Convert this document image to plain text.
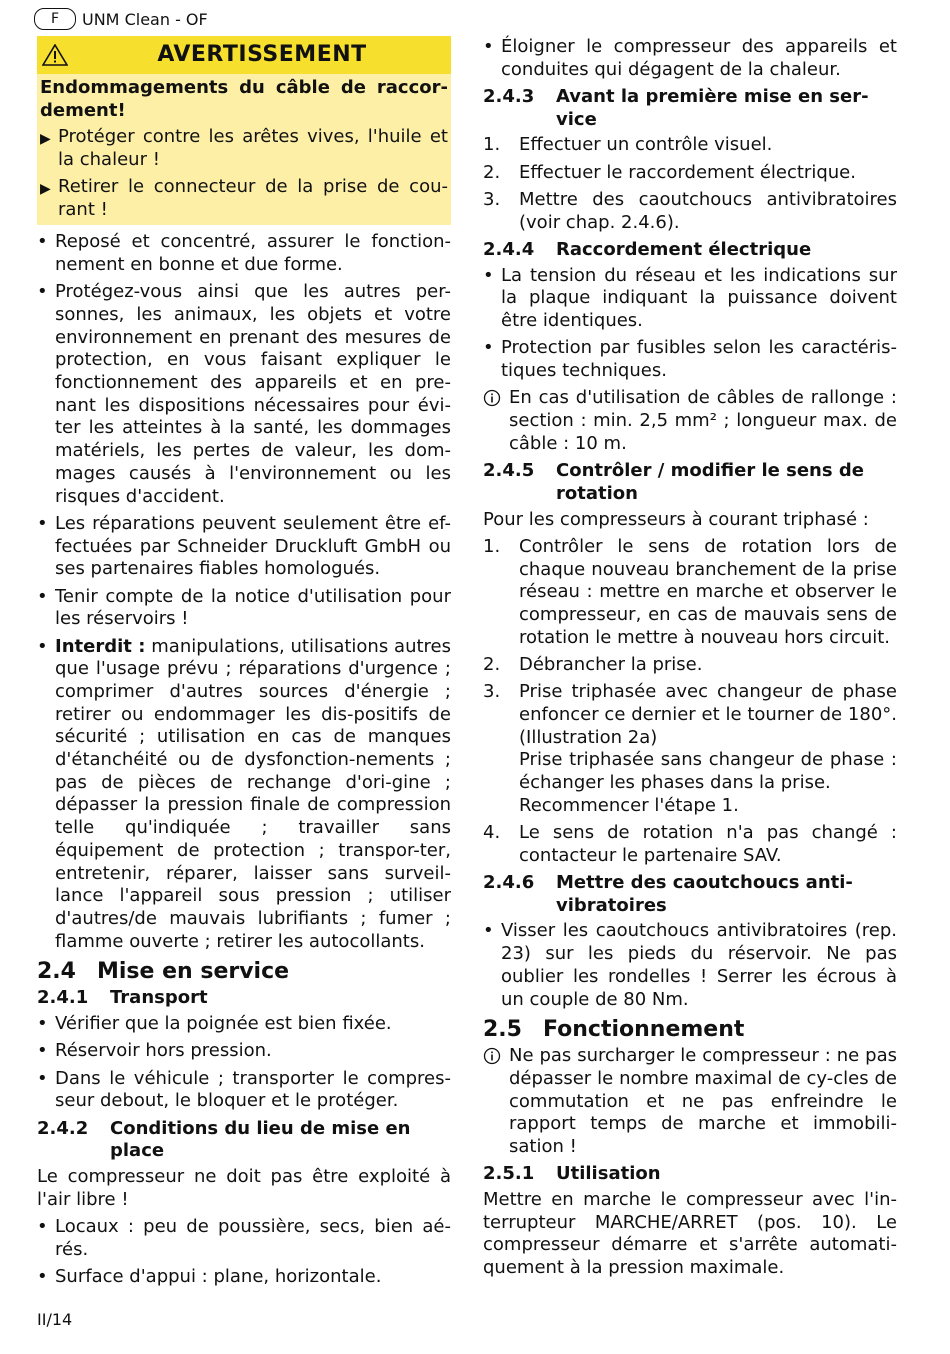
F	UNM Clean - OF
AVERTISSEMENT
Endommagements du câble de raccor-dement!
▶ Protéger contre les arêtes vives, l'huile et la chaleur !
▶ Retirer le connecteur de la prise de cou-rant !
• Reposé et concentré, assurer le fonction-nement en bonne et due forme.
• Protégez-vous ainsi que les autres per-sonnes, les animaux, les objets et votre environnement en prenant des mesures de protection, en vous faisant expliquer le fonctionnement des appareils et en pre-nant les dispositions nécessaires pour évi-ter les atteintes à la santé, les dommages matériels, les pertes de valeur, les dom-mages causés à l'environnement ou les risques d'accident.
• Les réparations peuvent seulement être ef-fectuées par Schneider Druckluft GmbH ou ses partenaires fiables homologués.
• Tenir compte de la notice d'utilisation pour les réservoirs !
• Interdit : manipulations, utilisations autres que l'usage prévu ; réparations d'urgence ; comprimer d'autres sources d'énergie ; retirer ou endommager les dis-positifs de sécurité ; utilisation en cas de manques d'étanchéité ou de dysfonction-nements ; pas de pièces de rechange d'ori-gine ; dépasser la pression finale de compression telle qu'indiquée ; travailler sans équipement de protection ; transpor-ter, entretenir, réparer, laisser sans surveil-lance l'appareil sous pression ; utiliser d'autres/de mauvais lubrifiants ; fumer ; flamme ouverte ; retirer les autocollants.
2.4 Mise en service
2.4.1	Transport
• Vérifier que la poignée est bien fixée.
• Réservoir hors pression.
• Dans le véhicule ; transporter le compres-seur debout, le bloquer et le protéger.
2.4.2	Conditions du lieu de mise en place

Le compresseur ne doit pas être exploité à l'air libre !

• Locaux : peu de poussière, secs, bien aé-rés.
• Surface d'appui : plane, horizontale.
• Éloigner le compresseur des appareils et conduites qui dégagent de la chaleur.
2.4.3	Avant la première mise en ser-vice
1.	Effectuer un contrôle visuel.
2.	Effectuer le raccordement électrique.
3.	Mettre des caoutchoucs antivibratoires (voir chap. 2.4.6).
2.4.4	Raccordement électrique
• La tension du réseau et les indications sur la plaque indiquant la puissance doivent être identiques.
• Protection par fusibles selon les caractéris-tiques techniques.
En cas d'utilisation de câbles de rallonge : section : min. 2,5 mm² ; longueur max. de câble : 10 m.
2.4.5	Contrôler / modifier le sens de rotation

Pour les compresseurs à courant triphasé :

1.	Contrôler le sens de rotation lors de chaque nouveau branchement de la prise réseau : mettre en marche et observer le compresseur, en cas de mauvais sens de rotation le mettre à nouveau hors circuit.
2.	Débrancher la prise.
3.	Prise triphasée avec changeur de phase enfoncer ce dernier et le tourner de 180°. (Illustration 2a)
Prise triphasée sans changeur de phase : échanger les phases dans la prise.
Recommencer l'étape 1.
4.	Le sens de rotation n'a pas changé : contacteur le partenaire SAV.
2.4.6	Mettre des caoutchoucs anti-vibratoires
• Visser les caoutchoucs antivibratoires (rep. 23) sur les pieds du réservoir. Ne pas oublier les rondelles ! Serrer les écrous à un couple de 80 Nm.
2.5 Fonctionnement
Ne pas surcharger le compresseur : ne pas dépasser le nombre maximal de cy-cles de commutation et ne pas enfreindre le rapport temps de marche et immobili-sation !
2.5.1	Utilisation

Mettre en marche le compresseur avec l'in-terrupteur MARCHE/ARRET (pos. 10). Le compresseur démarre et s'arrête automati-quement à la pression maximale.

II/14
